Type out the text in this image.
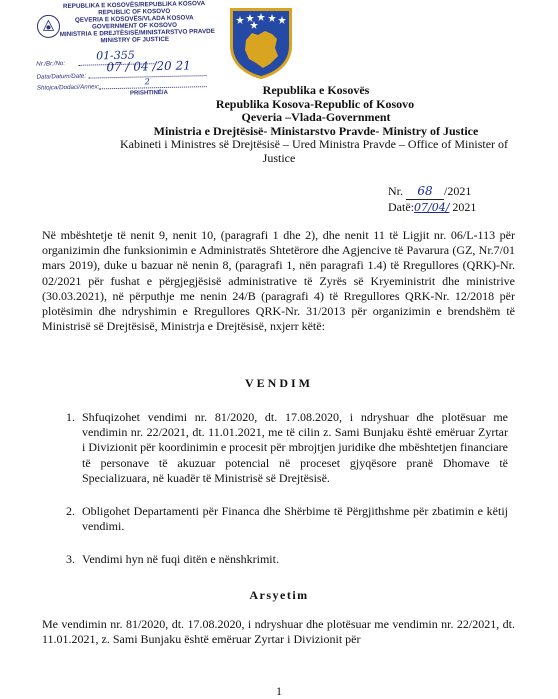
REPUBLIKA E KOSOVËS/REPUBLIKA KOSOVA
REPUBLIC OF KOSOVO
QEVERIA E KOSOVËS/VLADA KOSOVA
GOVERNMENT OF KOSOVO
MINISTRIA E DREJTËSISË/MINISTARSTVO PRAVDE
MINISTRY OF JUSTICE
Nr./Br./No:
01-355
Data/Datum/Date:
07 / 04 /20 21
Shtojca/Dodaci/Annex:
2
PRISHTINË/A	Republika e Kosovës
Republika Kosova-Republic of Kosovo
Qeveria –Vlada-Government
Ministria e Drejtësisë- Ministarstvo Pravde- Ministry of Justice
Kabineti i Ministres së Drejtësisë – Ured Ministra Pravde – Office of Minister of
Justice
Nr. 68 /2021
Datë:07/04/ 2021
Në mbështetje të nenit 9, nenit 10, (paragrafi 1 dhe 2), dhe nenit 11 të Ligjit nr. 06/L-113 për organizimin dhe funksionimin e Administratës Shtetërore dhe Agjencive të Pavarura (GZ, Nr.7/01 mars 2019), duke u bazuar në nenin 8, (paragrafi 1, nën paragrafi 1.4) të Rregullores (QRK)-Nr. 02/2021 për fushat e përgjegjësisë administrative të Zyrës së Kryeministrit dhe ministrive (30.03.2021), në përputhje me nenin 24/B (paragrafi 4) të Rregullores QRK-Nr. 12/2018 për plotësimin dhe ndryshimin e Rregullores QRK-Nr. 31/2013 për organizimin e brendshëm të Ministrisë së Drejtësisë, Ministrja e Drejtësisë, nxjerr këtë:
VENDIM
1. Shfuqizohet vendimi nr. 81/2020, dt. 17.08.2020, i ndryshuar dhe plotësuar me vendimin nr. 22/2021, dt. 11.01.2021, me të cilin z. Sami Bunjaku është emëruar Zyrtar i Divizionit për koordinimin e procesit për mbrojtjen juridike dhe mbështetjen financiare të personave të akuzuar potencial në proceset gjyqësore pranë Dhomave të Specializuara, në kuadër të Ministrisë së Drejtësisë.
2. Obligohet Departamenti për Financa dhe Shërbime të Përgjithshme për zbatimin e këtij vendimi.
3. Vendimi hyn në fuqi ditën e nënshkrimit.
Arsyetim
Me vendimin nr. 81/2020, dt. 17.08.2020, i ndryshuar dhe plotësuar me vendimin nr. 22/2021, dt. 11.01.2021, z. Sami Bunjaku është emëruar Zyrtar i Divizionit për
1
